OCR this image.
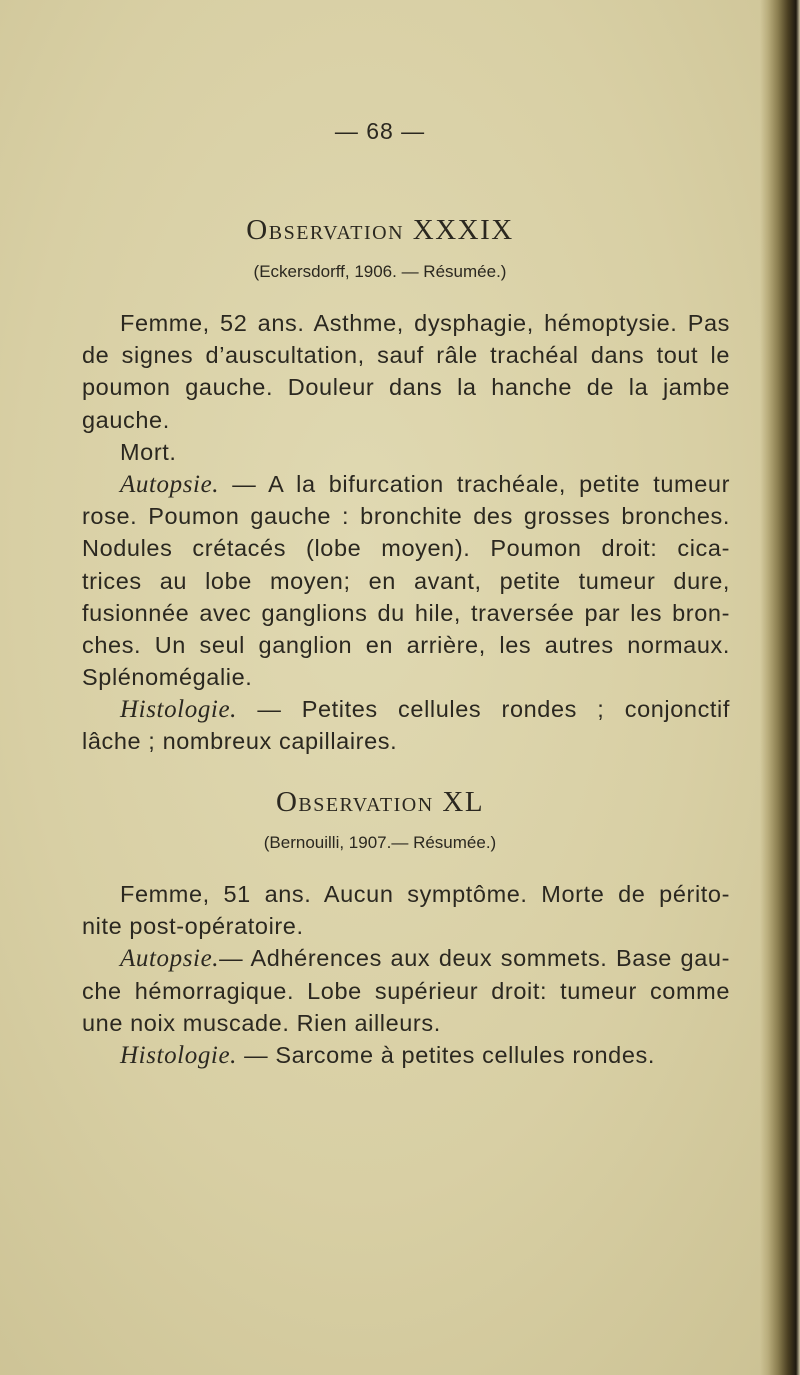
— 68 —
Observation XXXIX
(Eckersdorff, 1906. — Résumée.)
Femme, 52 ans. Asthme, dysphagie, hémoptysie. Pas
de signes d’auscultation, sauf râle trachéal dans tout le
poumon gauche. Douleur dans la hanche de la jambe
gauche.
Mort.
Autopsie. — A la bifurcation trachéale, petite tumeur
rose. Poumon gauche : bronchite des grosses bronches.
Nodules crétacés (lobe moyen). Poumon droit: cica-
trices au lobe moyen; en avant, petite tumeur dure,
fusionnée avec ganglions du hile, traversée par les bron-
ches. Un seul ganglion en arrière, les autres normaux.
Splénomégalie.
Histologie. — Petites cellules rondes ; conjonctif
lâche ; nombreux capillaires.
Observation XL
(Bernouilli, 1907.— Résumée.)
Femme, 51 ans. Aucun symptôme. Morte de périto-
nite post-opératoire.
Autopsie.— Adhérences aux deux sommets. Base gau-
che hémorragique. Lobe supérieur droit: tumeur comme
une noix muscade. Rien ailleurs.
Histologie. — Sarcome à petites cellules rondes.
